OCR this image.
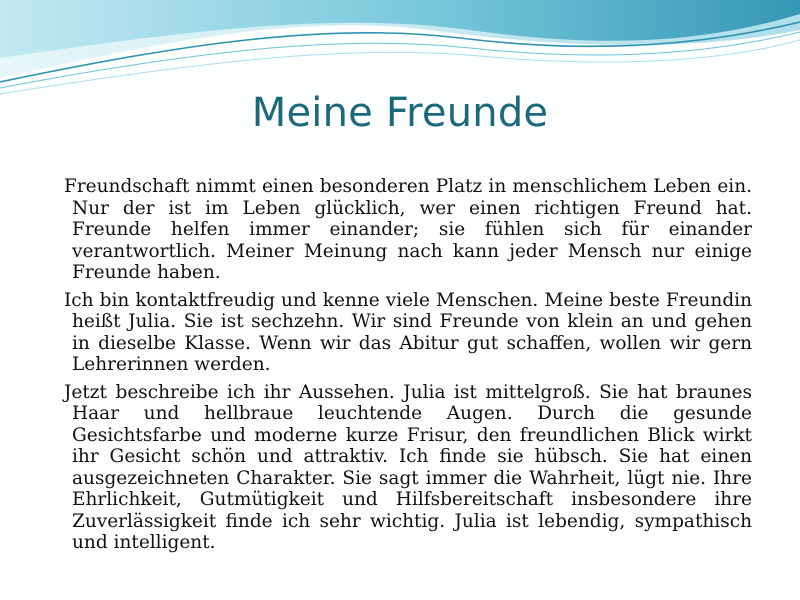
Meine Freunde

Freundschaft nimmt einen besonderen Platz in menschlichem Leben ein. Nur der ist im Leben glücklich, wer einen richtigen Freund hat. Freunde helfen immer einander; sie fühlen sich für einander verantwortlich. Meiner Meinung nach kann jeder Mensch nur einige Freunde haben.

Ich bin kontaktfreudig und kenne viele Menschen. Meine beste Freundin heißt Julia. Sie ist sechzehn. Wir sind Freunde von klein an und gehen in dieselbe Klasse. Wenn wir das Abitur gut schaffen, wollen wir gern Lehrerinnen werden.

Jetzt beschreibe ich ihr Aussehen. Julia ist mittelgroß. Sie hat braunes Haar und hellbraue leuchtende Augen. Durch die gesunde Gesichtsfarbe und moderne kurze Frisur, den freundlichen Blick wirkt ihr Gesicht schön und attraktiv. Ich finde sie hübsch. Sie hat einen ausgezeichneten Charakter. Sie sagt immer die Wahrheit, lügt nie. Ihre Ehrlichkeit, Gutmütigkeit und Hilfsbereitschaft insbesondere ihre Zuverlässigkeit finde ich sehr wichtig. Julia ist lebendig, sympathisch und intelligent.
